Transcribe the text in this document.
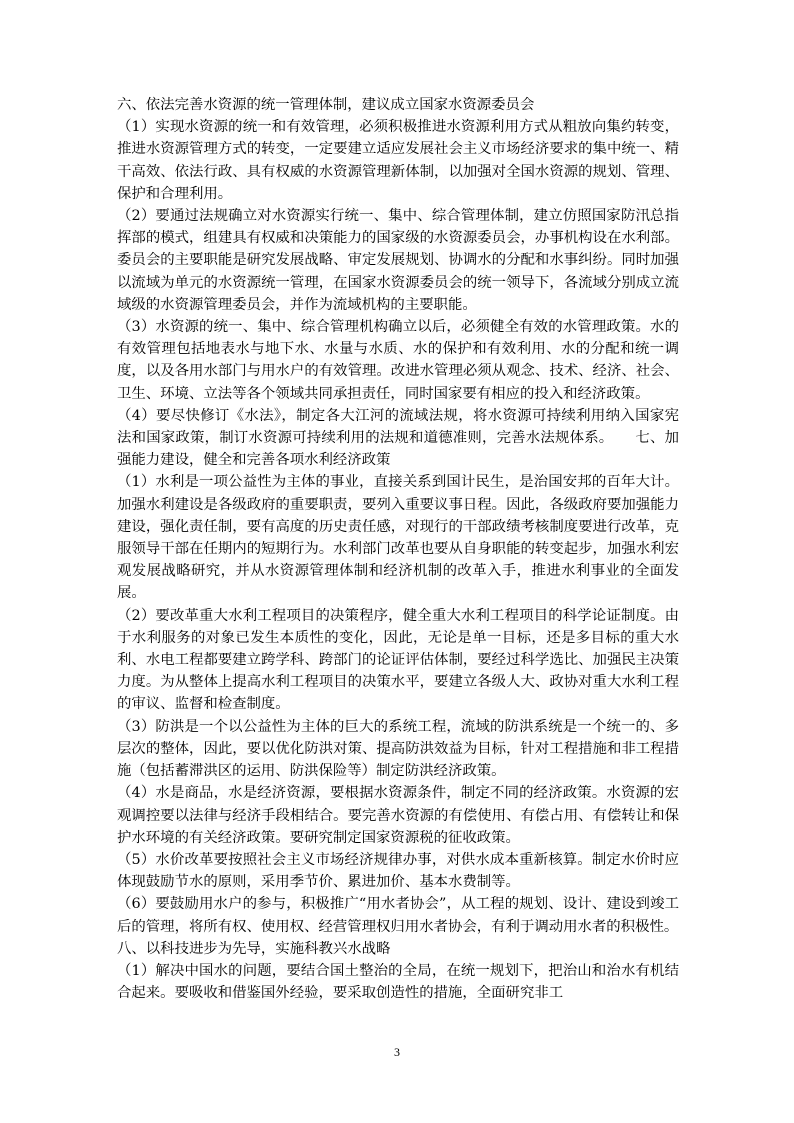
六、依法完善水资源的统一管理体制，建议成立国家水资源委员会

（1）实现水资源的统一和有效管理，必须积极推进水资源利用方式从粗放向集约转变，推进水资源管理方式的转变，一定要建立适应发展社会主义市场经济要求的集中统一、精干高效、依法行政、具有权威的水资源管理新体制，以加强对全国水资源的规划、管理、保护和合理利用。

（2）要通过法规确立对水资源实行统一、集中、综合管理体制，建立仿照国家防汛总指挥部的模式，组建具有权威和决策能力的国家级的水资源委员会，办事机构设在水利部。委员会的主要职能是研究发展战略、审定发展规划、协调水的分配和水事纠纷。同时加强以流域为单元的水资源统一管理，在国家水资源委员会的统一领导下，各流域分别成立流域级的水资源管理委员会，并作为流域机构的主要职能。

（3）水资源的统一、集中、综合管理机构确立以后，必须健全有效的水管理政策。水的有效管理包括地表水与地下水、水量与水质、水的保护和有效利用、水的分配和统一调度，以及各用水部门与用水户的有效管理。改进水管理必须从观念、技术、经济、社会、卫生、环境、立法等各个领域共同承担责任，同时国家要有相应的投入和经济政策。

（4）要尽快修订《水法》，制定各大江河的流域法规，将水资源可持续利用纳入国家宪法和国家政策，制订水资源可持续利用的法规和道德准则，完善水法规体系。　　七、加强能力建设，健全和完善各项水利经济政策

（1）水利是一项公益性为主体的事业，直接关系到国计民生，是治国安邦的百年大计。加强水利建设是各级政府的重要职责，要列入重要议事日程。因此，各级政府要加强能力建设，强化责任制，要有高度的历史责任感，对现行的干部政绩考核制度要进行改革，克服领导干部在任期内的短期行为。水利部门改革也要从自身职能的转变起步，加强水利宏观发展战略研究，并从水资源管理体制和经济机制的改革入手，推进水利事业的全面发展。

（2）要改革重大水利工程项目的决策程序，健全重大水利工程项目的科学论证制度。由于水利服务的对象已发生本质性的变化，因此，无论是单一目标，还是多目标的重大水利、水电工程都要建立跨学科、跨部门的论证评估体制，要经过科学选比、加强民主决策力度。为从整体上提高水利工程项目的决策水平，要建立各级人大、政协对重大水利工程的审议、监督和检查制度。

（3）防洪是一个以公益性为主体的巨大的系统工程，流域的防洪系统是一个统一的、多层次的整体，因此，要以优化防洪对策、提高防洪效益为目标，针对工程措施和非工程措施（包括蓄滞洪区的运用、防洪保险等）制定防洪经济政策。

（4）水是商品，水是经济资源，要根据水资源条件，制定不同的经济政策。水资源的宏观调控要以法律与经济手段相结合。要完善水资源的有偿使用、有偿占用、有偿转让和保护水环境的有关经济政策。要研究制定国家资源税的征收政策。

（5）水价改革要按照社会主义市场经济规律办事，对供水成本重新核算。制定水价时应体现鼓励节水的原则，采用季节价、累进加价、基本水费制等。

（6）要鼓励用水户的参与，积极推广“用水者协会”，从工程的规划、设计、建设到竣工后的管理，将所有权、使用权、经营管理权归用水者协会，有利于调动用水者的积极性。

八、以科技进步为先导，实施科教兴水战略

（1）解决中国水的问题，要结合国土整治的全局，在统一规划下，把治山和治水有机结合起来。要吸收和借鉴国外经验，要采取创造性的措施，全面研究非工

3
